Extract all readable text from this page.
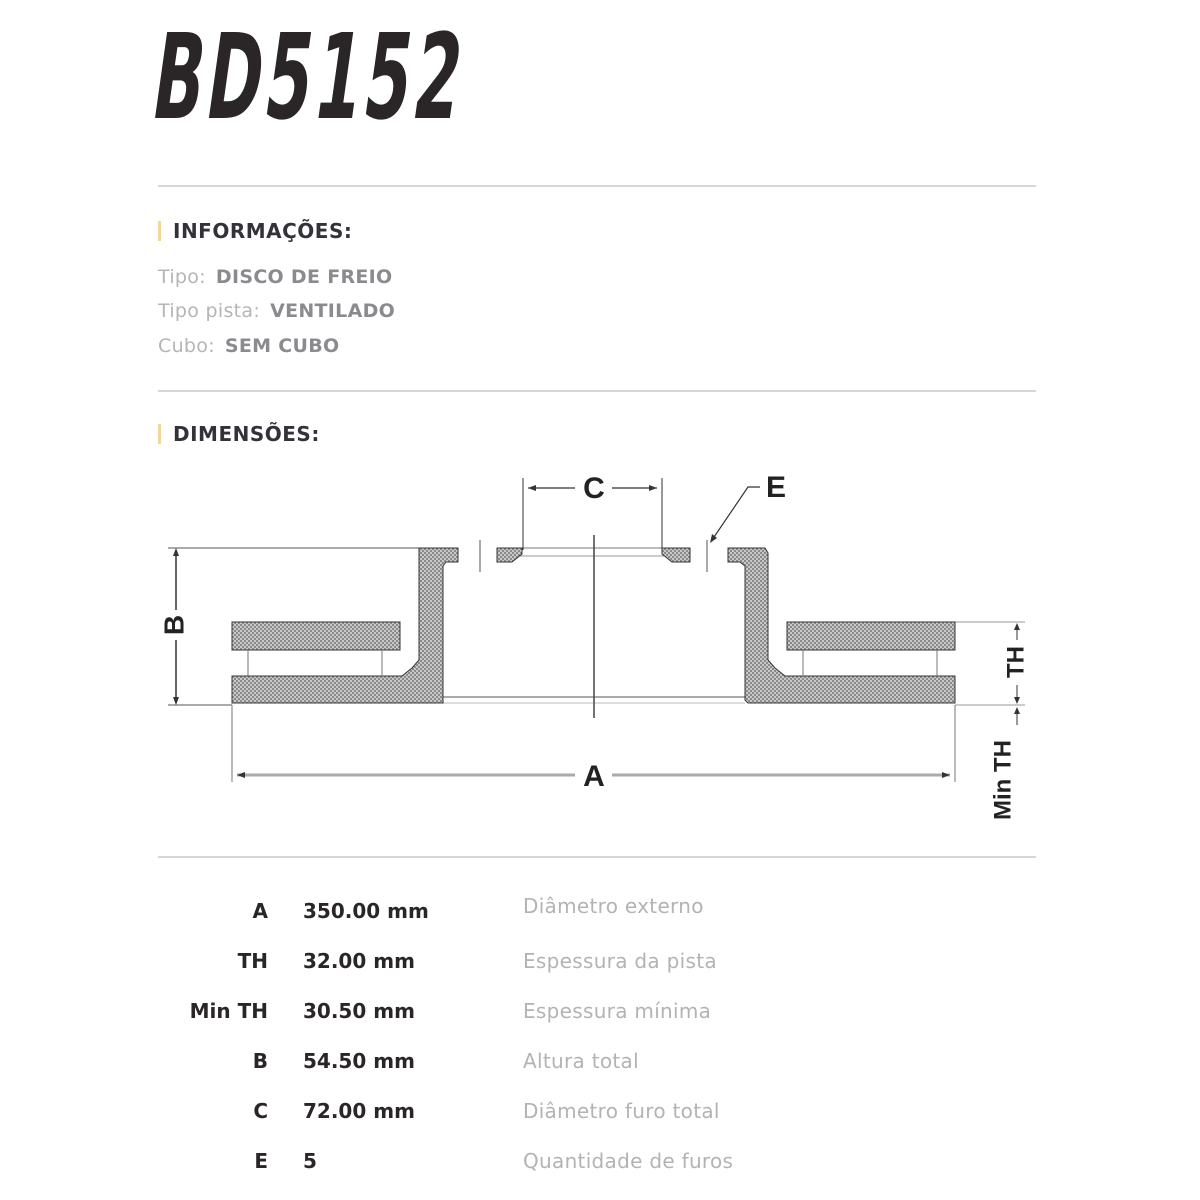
BD5152
INFORMAÇÕES:
Tipo: DISCO DE FREIO
Tipo pista: VENTILADO
Cubo: SEM CUBO
DIMENSÕES:
B
C	E
A
TH
Min TH
A 350.00 mm	Diâmetro externo
TH 32.00 mm	Espessura da pista
Min TH 30.50 mm	Espessura mínima
B 54.50 mm	Altura total
C 72.00 mm	Diâmetro furo total
E 5	Quantidade de furos
